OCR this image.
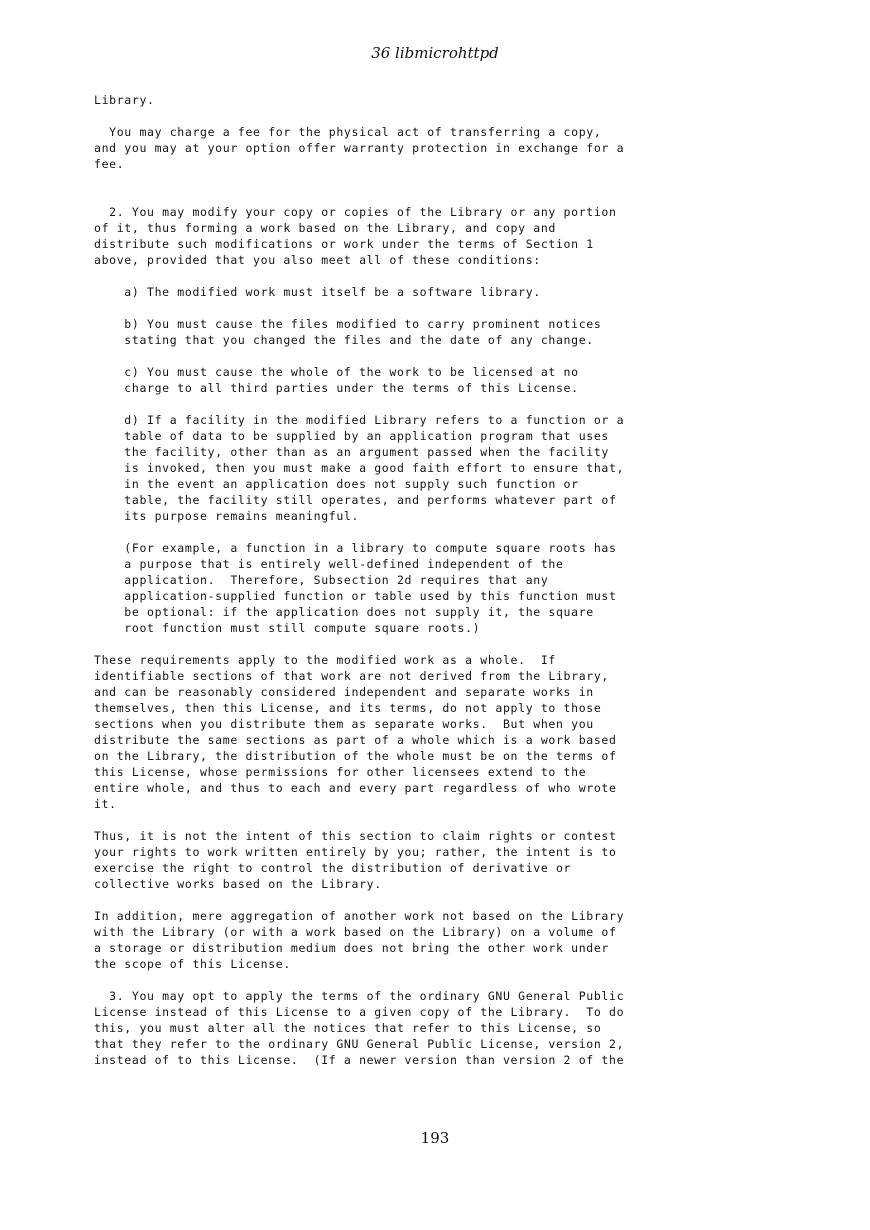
36 libmicrohttpd

Library.

You may charge a fee for the physical act of transferring a copy,
and you may at your option offer warranty protection in exchange for a
fee.

2. You may modify your copy or copies of the Library or any portion
of it, thus forming a work based on the Library, and copy and
distribute such modifications or work under the terms of Section 1
above, provided that you also meet all of these conditions:

a) The modified work must itself be a software library.

b) You must cause the files modified to carry prominent notices
stating that you changed the files and the date of any change.

c) You must cause the whole of the work to be licensed at no
charge to all third parties under the terms of this License.

d) If a facility in the modified Library refers to a function or a
table of data to be supplied by an application program that uses
the facility, other than as an argument passed when the facility
is invoked, then you must make a good faith effort to ensure that,
in the event an application does not supply such function or
table, the facility still operates, and performs whatever part of
its purpose remains meaningful.

(For example, a function in a library to compute square roots has
a purpose that is entirely well-defined independent of the
application.  Therefore, Subsection 2d requires that any
application-supplied function or table used by this function must
be optional: if the application does not supply it, the square
root function must still compute square roots.)

These requirements apply to the modified work as a whole.  If
identifiable sections of that work are not derived from the Library,
and can be reasonably considered independent and separate works in
themselves, then this License, and its terms, do not apply to those
sections when you distribute them as separate works.  But when you
distribute the same sections as part of a whole which is a work based
on the Library, the distribution of the whole must be on the terms of
this License, whose permissions for other licensees extend to the
entire whole, and thus to each and every part regardless of who wrote
it.

Thus, it is not the intent of this section to claim rights or contest
your rights to work written entirely by you; rather, the intent is to
exercise the right to control the distribution of derivative or
collective works based on the Library.

In addition, mere aggregation of another work not based on the Library
with the Library (or with a work based on the Library) on a volume of
a storage or distribution medium does not bring the other work under
the scope of this License.

3. You may opt to apply the terms of the ordinary GNU General Public
License instead of this License to a given copy of the Library.  To do
this, you must alter all the notices that refer to this License, so
that they refer to the ordinary GNU General Public License, version 2,
instead of to this License.  (If a newer version than version 2 of the

193
